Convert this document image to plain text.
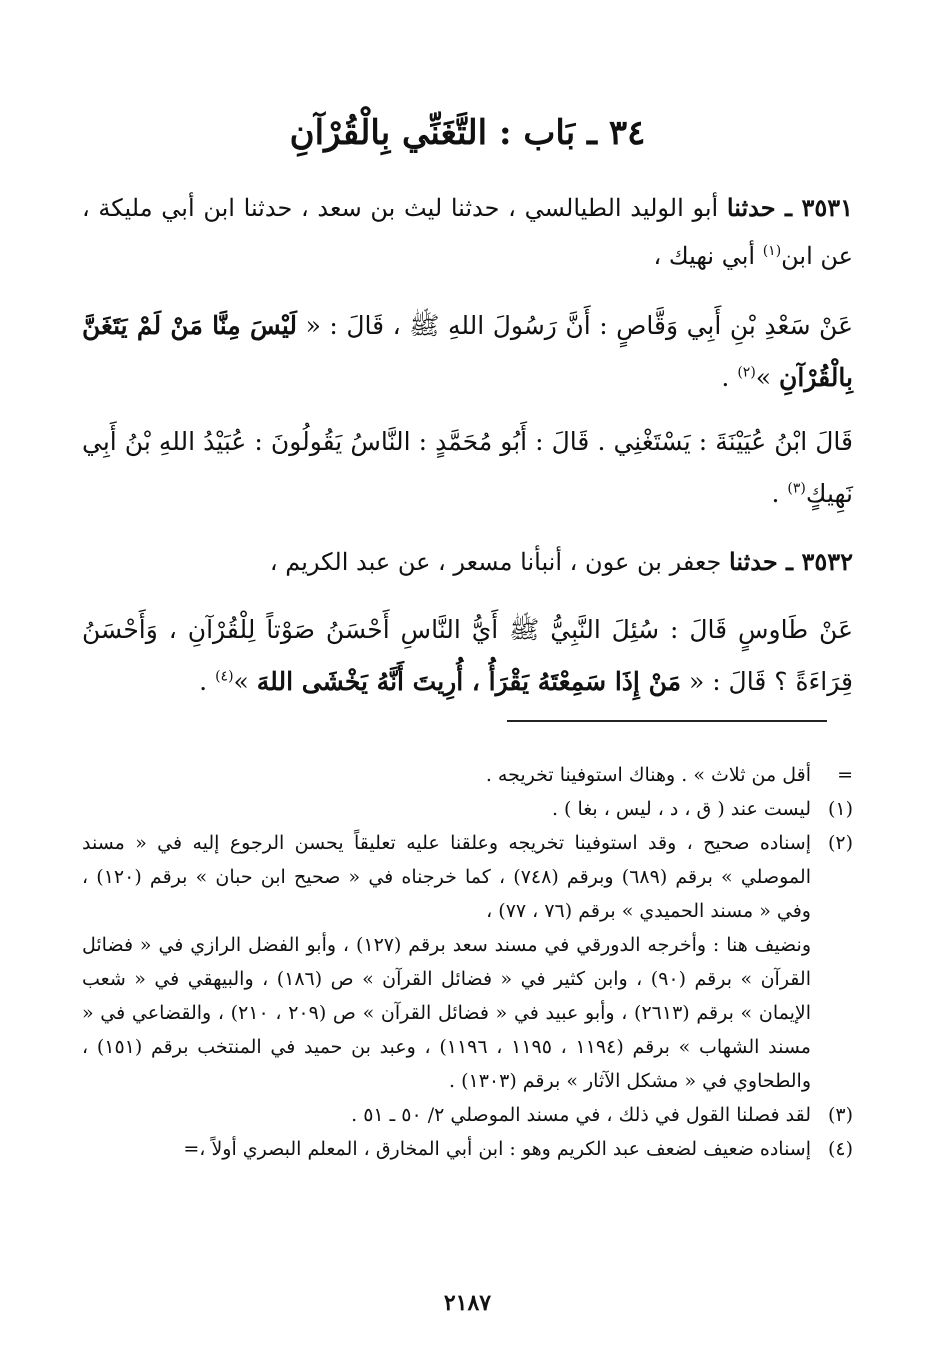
٣٤ ـ بَاب : التَّغَنِّي بِالْقُرْآنِ
٣٥٣١ ـ حدثنا أبو الوليد الطيالسي ، حدثنا ليث بن سعد ، حدثنا ابن أبي مليكة ، عن ابن$^{(١)}$ أبي نهيك ،
عَنْ سَعْدِ بْنِ أَبِي وَقَّاصٍ : أَنَّ رَسُولَ اللهِ ﷺ ، قَالَ : « لَيْسَ مِنَّا مَنْ لَمْ يَتَغَنَّ بِالْقُرْآنِ »$^{(٢)}$ .
قَالَ ابْنُ عُيَيْنَةَ : يَسْتَغْنِي . قَالَ : أَبُو مُحَمَّدٍ : النَّاسُ يَقُولُونَ : عُبَيْدُ اللهِ بْنُ أَبِي نَهِيكٍ$^{(٣)}$ .
٣٥٣٢ ـ حدثنا جعفر بن عون ، أنبأنا مسعر ، عن عبد الكريم ،
عَنْ طَاوسٍ قَالَ : سُئِلَ النَّبِيُّ ﷺ أَيُّ النَّاسِ أَحْسَنُ صَوْتاً لِلْقُرْآنِ ، وَأَحْسَنُ قِرَاءَةً ؟ قَالَ : « مَنْ إِذَا سَمِعْتَهُ يَقْرَأُ ، أُرِيتَ أَنَّهُ يَخْشَى اللهَ »$^{(٤)}$ .
=
أقل من ثلاث » . وهناك استوفينا تخريجه .
(١)
ليست عند ( ق ، د ، ليس ، بغا ) .
(٢)
إسناده صحيح ، وقد استوفينا تخريجه وعلقنا عليه تعليقاً يحسن الرجوع إليه في « مسند الموصلي » برقم (٦٨٩) وبرقم (٧٤٨) ، كما خرجناه في « صحيح ابن حبان » برقم (١٢٠) ، وفي « مسند الحميدي » برقم (٧٦ ، ٧٧) ،
ونضيف هنا : وأخرجه الدورقي في مسند سعد برقم (١٢٧) ، وأبو الفضل الرازي في « فضائل القرآن » برقم (٩٠) ، وابن كثير في « فضائل القرآن » ص (١٨٦) ، والبيهقي في « شعب الإيمان » برقم (٢٦١٣) ، وأبو عبيد في « فضائل القرآن » ص (٢٠٩ ، ٢١٠) ، والقضاعي في « مسند الشهاب » برقم (١١٩٤ ، ١١٩٥ ، ١١٩٦) ، وعبد بن حميد في المنتخب برقم (١٥١) ، والطحاوي في « مشكل الآثار » برقم (١٣٠٣) .
(٣)
لقد فصلنا القول في ذلك ، في مسند الموصلي ٢/ ٥٠ ـ ٥١ .
(٤)
إسناده ضعيف لضعف عبد الكريم وهو : ابن أبي المخارق ، المعلم البصري أولاً ،=
٢١٨٧
